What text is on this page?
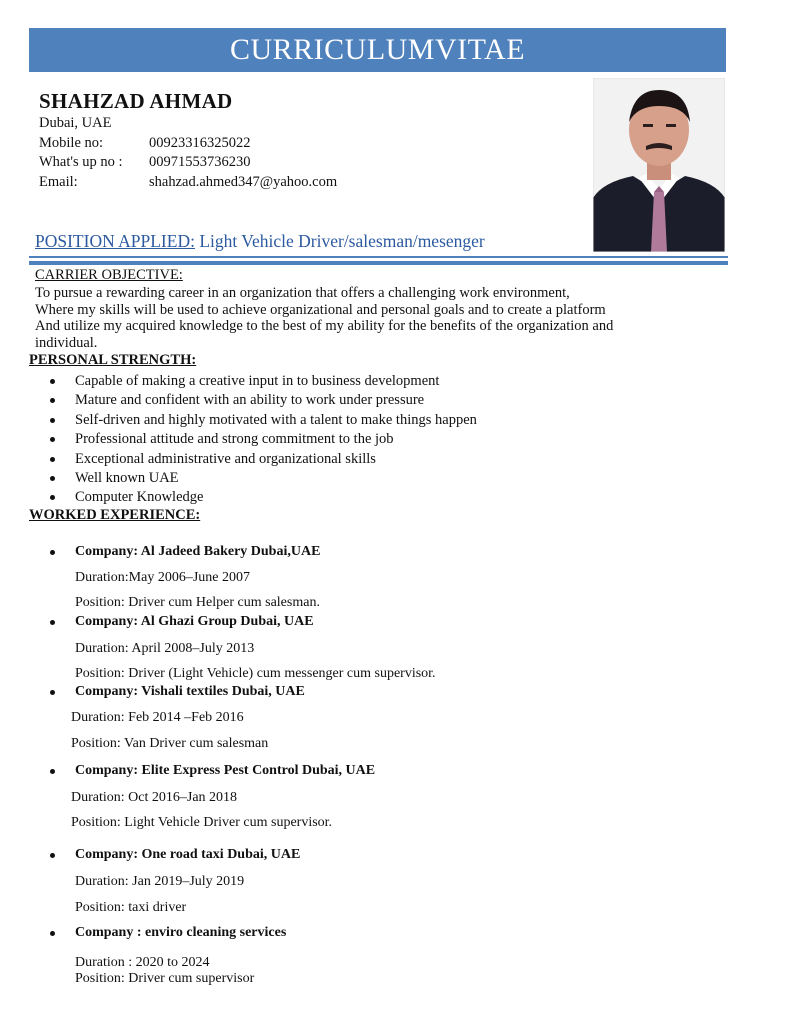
CURRICULUMVITAE
SHAHZAD AHMAD
Dubai, UAE
Mobile no:	00923316325022
What's up no : 00971553736230
Email:	shahzad.ahmed347@yahoo.com
POSITION APPLIED: Light Vehicle Driver/salesman/mesenger
CARRIER OBJECTIVE:
To pursue a rewarding career in an organization that offers a challenging work environment,
Where my skills will be used to achieve organizational and personal goals and to create a platform
And utilize my acquired knowledge to the best of my ability for the benefits of the organization and
individual.
PERSONAL STRENGTH:
Capable of making a creative input in to business development
Mature and confident with an ability to work under pressure
Self-driven and highly motivated with a talent to make things happen
Professional attitude and strong commitment to the job
Exceptional administrative and organizational skills
Well known UAE
Computer Knowledge
WORKED EXPERIENCE:
Company: Al Jadeed Bakery Dubai,UAE
Duration:May 2006–June 2007
Position: Driver cum Helper cum salesman.
Company: Al Ghazi Group Dubai, UAE
Duration: April 2008–July 2013
Position: Driver (Light Vehicle) cum messenger cum supervisor.
Company: Vishali textiles Dubai, UAE
Duration: Feb 2014 –Feb 2016
Position: Van Driver cum salesman
Company: Elite Express Pest Control Dubai, UAE
Duration: Oct 2016–Jan 2018
Position: Light Vehicle Driver cum supervisor.
Company: One road taxi Dubai, UAE
Duration: Jan 2019–July 2019
Position: taxi driver
Company : enviro cleaning services
Duration : 2020 to 2024
Position: Driver cum supervisor
